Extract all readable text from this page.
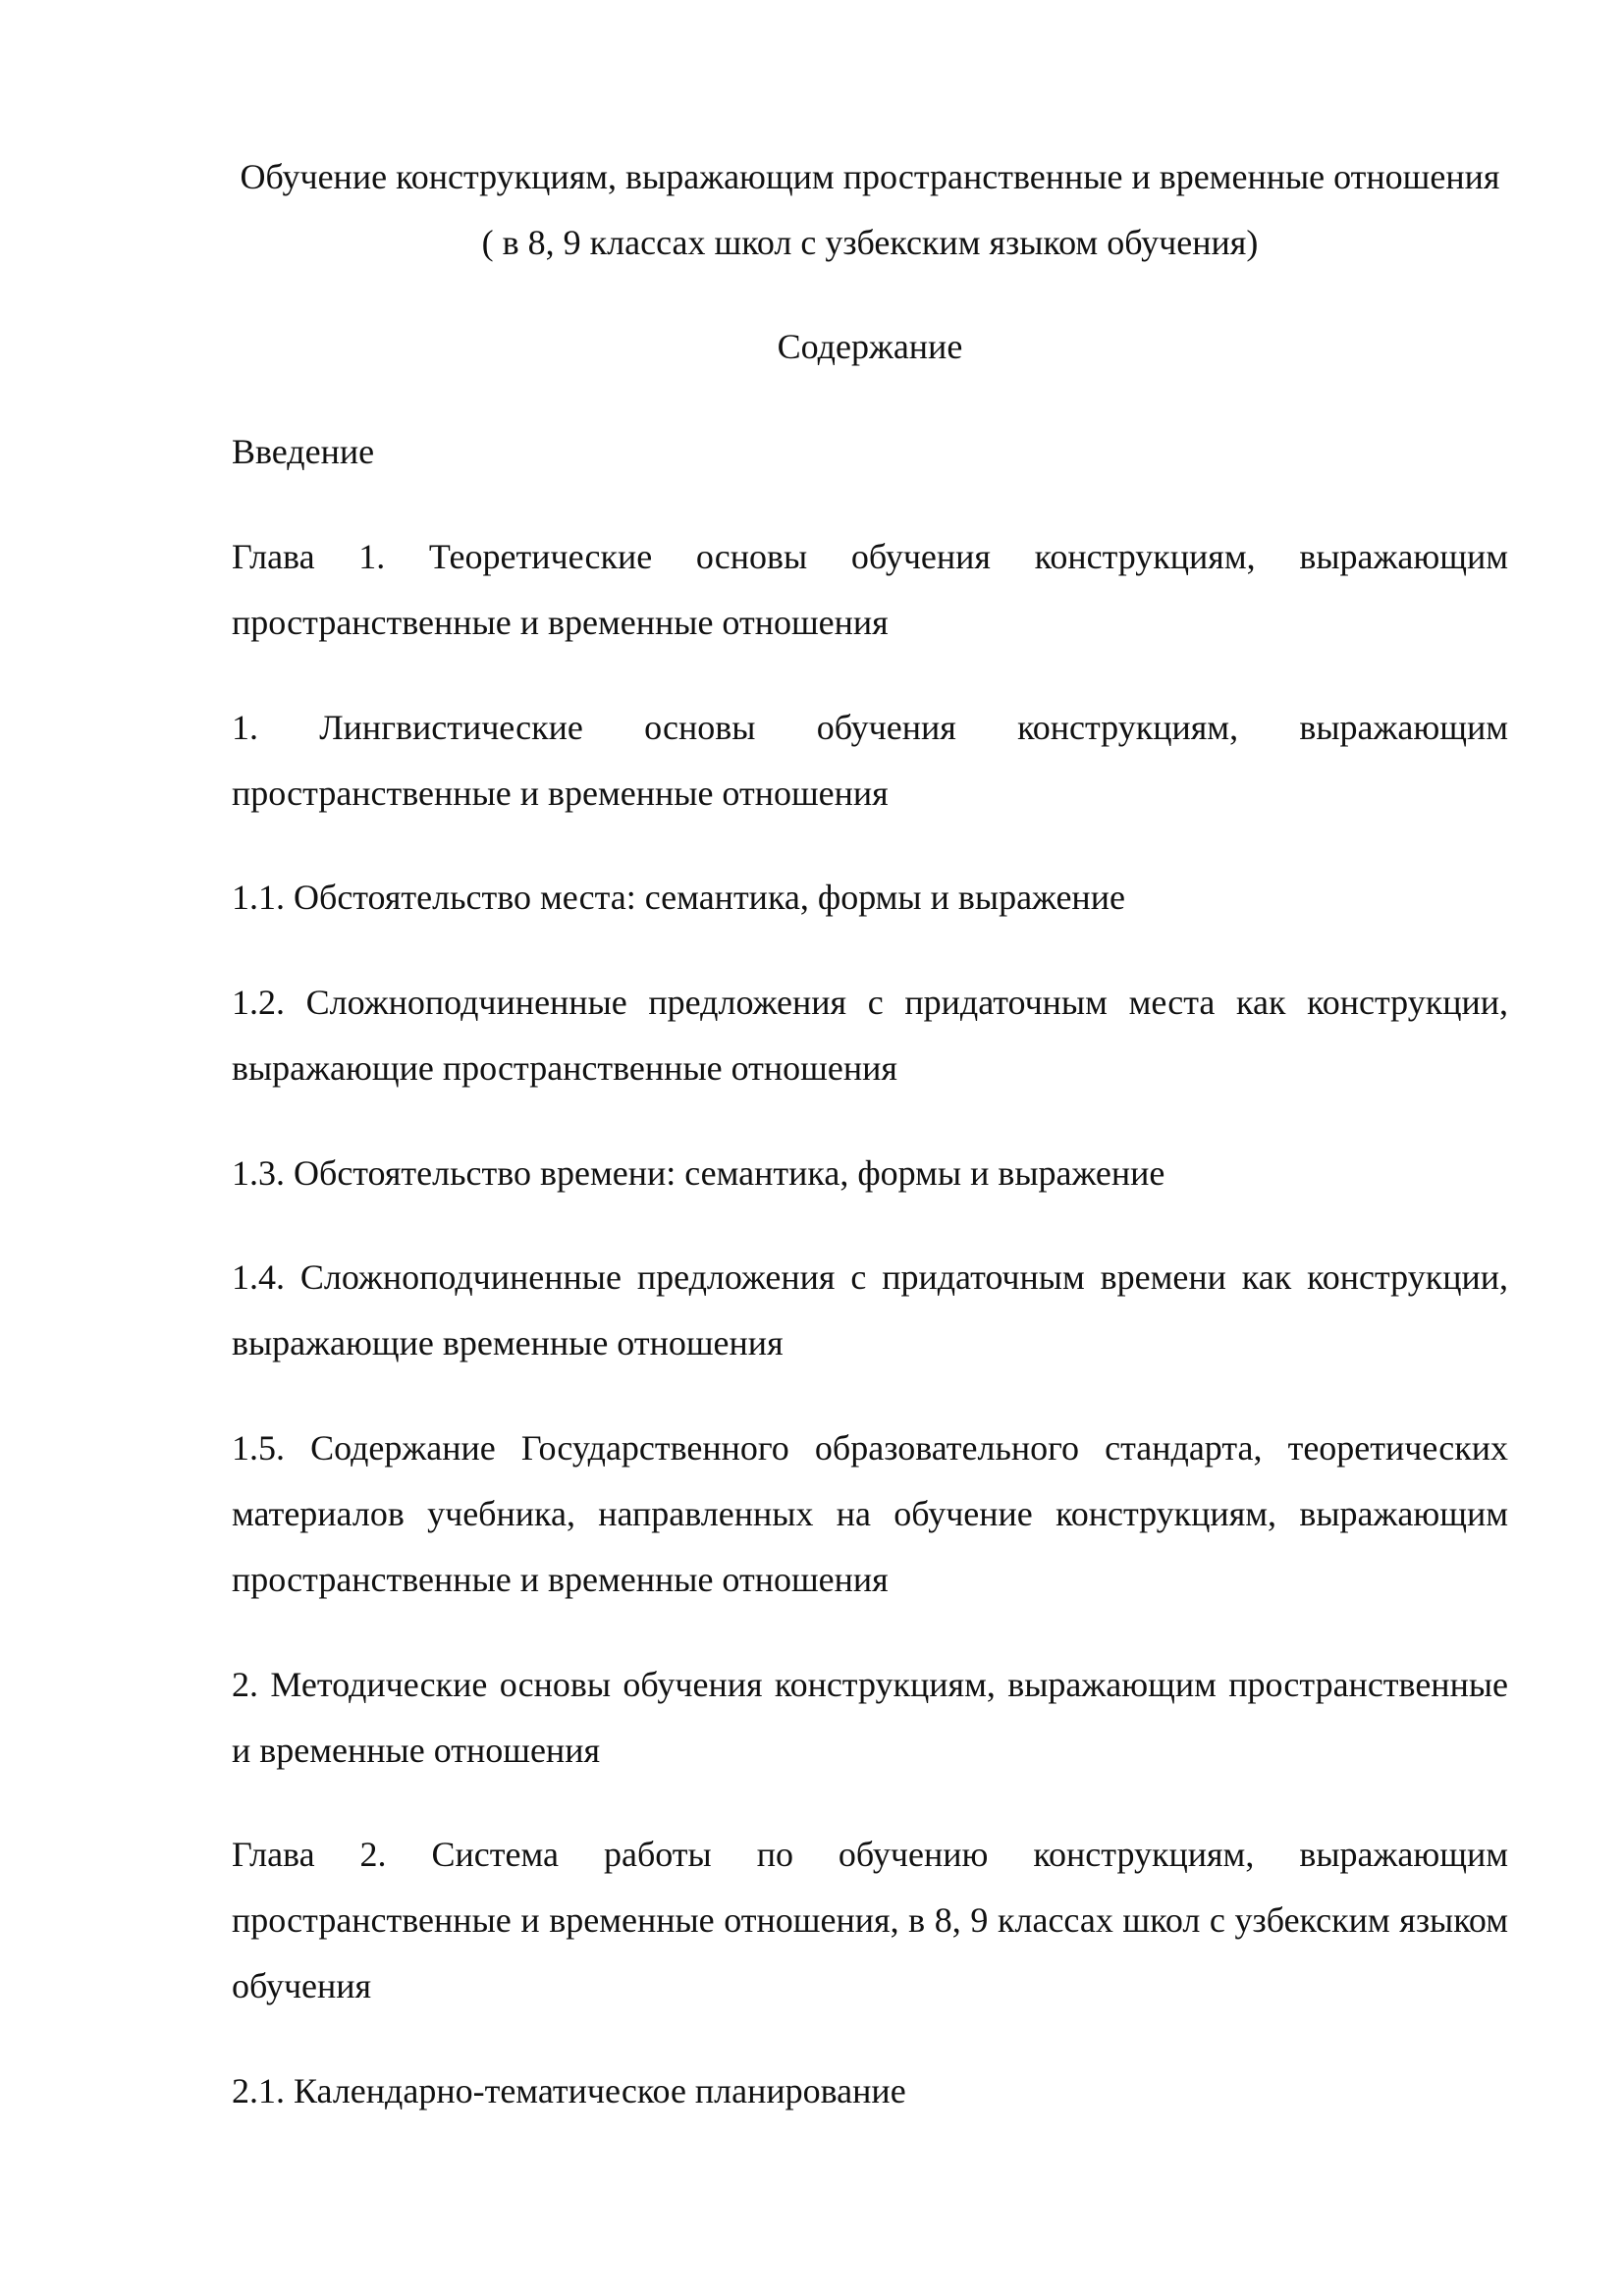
Обучение конструкциям, выражающим пространственные и временные отношения ( в 8, 9 классах школ с узбекским языком обучения)
Содержание

Введение

Глава 1. Теоретические основы обучения конструкциям, выражающим пространственные и временные отношения

1. Лингвистические основы обучения конструкциям, выражающим пространственные и временные отношения

1.1. Обстоятельство места: семантика, формы и выражение

1.2. Сложноподчиненные предложения с придаточным места как конструкции, выражающие пространственные отношения

1.3. Обстоятельство времени: семантика, формы и выражение

1.4. Сложноподчиненные предложения с придаточным времени как конструкции, выражающие временные отношения

1.5. Содержание Государственного образовательного стандарта, теоретических материалов учебника, направленных на обучение конструкциям, выражающим пространственные и временные отношения

2. Методические основы обучения конструкциям, выражающим пространственные и временные отношения

Глава 2. Система работы по обучению конструкциям, выражающим пространственные и временные отношения, в 8, 9 классах школ с узбекским языком обучения

2.1. Календарно-тематическое планирование
